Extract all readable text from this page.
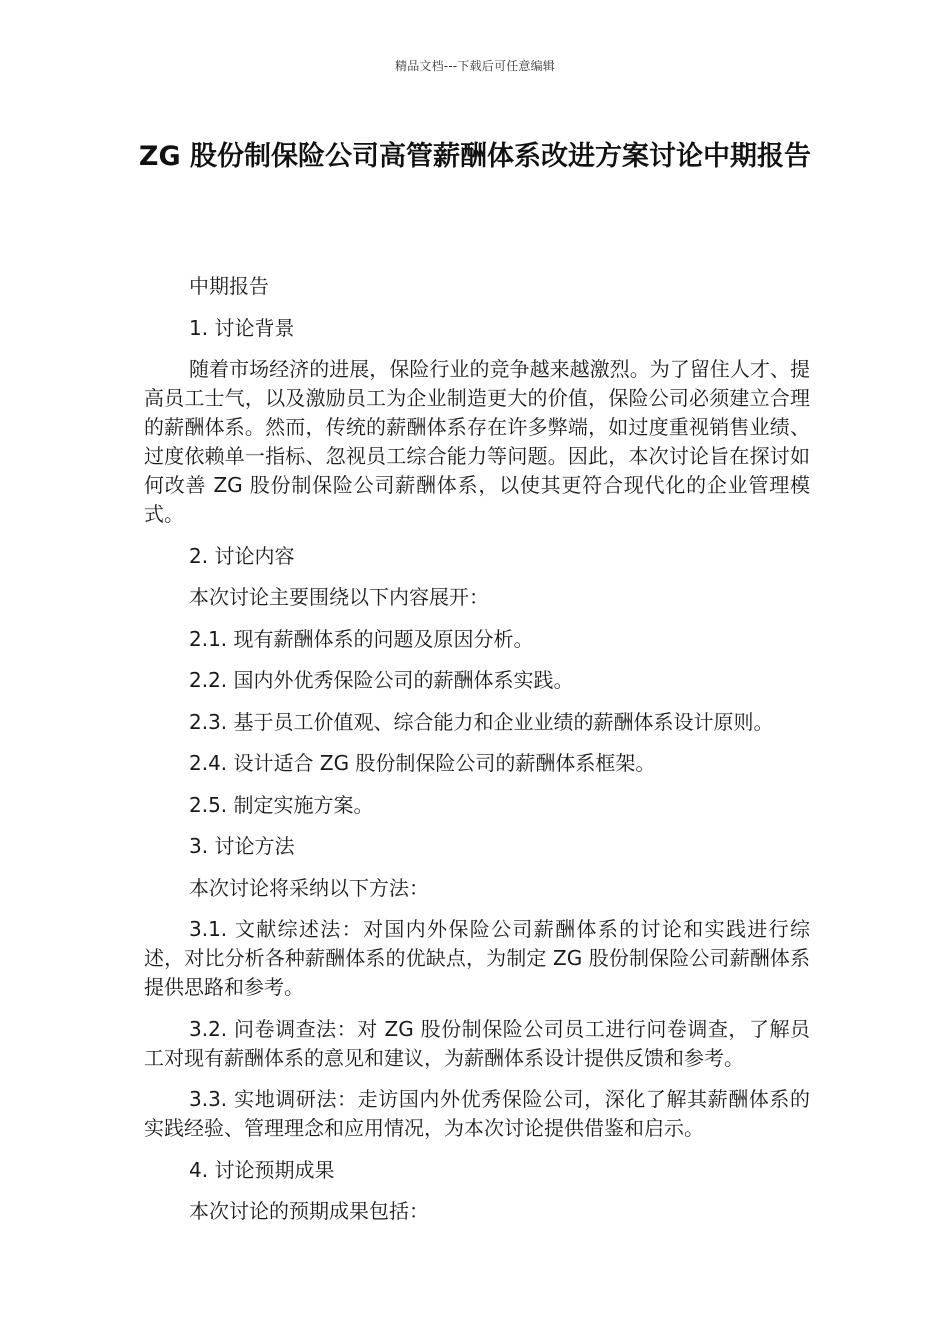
精品文档---下载后可任意编辑
ZG 股份制保险公司高管薪酬体系改进方案讨论中期报告

中期报告

1. 讨论背景

随着市场经济的进展，保险行业的竞争越来越激烈。为了留住人才、提高员工士气，以及激励员工为企业制造更大的价值，保险公司必须建立合理的薪酬体系。然而，传统的薪酬体系存在许多弊端，如过度重视销售业绩、过度依赖单一指标、忽视员工综合能力等问题。因此，本次讨论旨在探讨如何改善 ZG 股份制保险公司薪酬体系，以使其更符合现代化的企业管理模式。

2. 讨论内容

本次讨论主要围绕以下内容展开：

2.1. 现有薪酬体系的问题及原因分析。

2.2. 国内外优秀保险公司的薪酬体系实践。

2.3. 基于员工价值观、综合能力和企业业绩的薪酬体系设计原则。

2.4. 设计适合 ZG 股份制保险公司的薪酬体系框架。

2.5. 制定实施方案。

3. 讨论方法

本次讨论将采纳以下方法：

3.1. 文献综述法：对国内外保险公司薪酬体系的讨论和实践进行综述，对比分析各种薪酬体系的优缺点，为制定 ZG 股份制保险公司薪酬体系提供思路和参考。

3.2. 问卷调查法：对 ZG 股份制保险公司员工进行问卷调查，了解员工对现有薪酬体系的意见和建议，为薪酬体系设计提供反馈和参考。

3.3. 实地调研法：走访国内外优秀保险公司，深化了解其薪酬体系的实践经验、管理理念和应用情况，为本次讨论提供借鉴和启示。

4. 讨论预期成果

本次讨论的预期成果包括：
